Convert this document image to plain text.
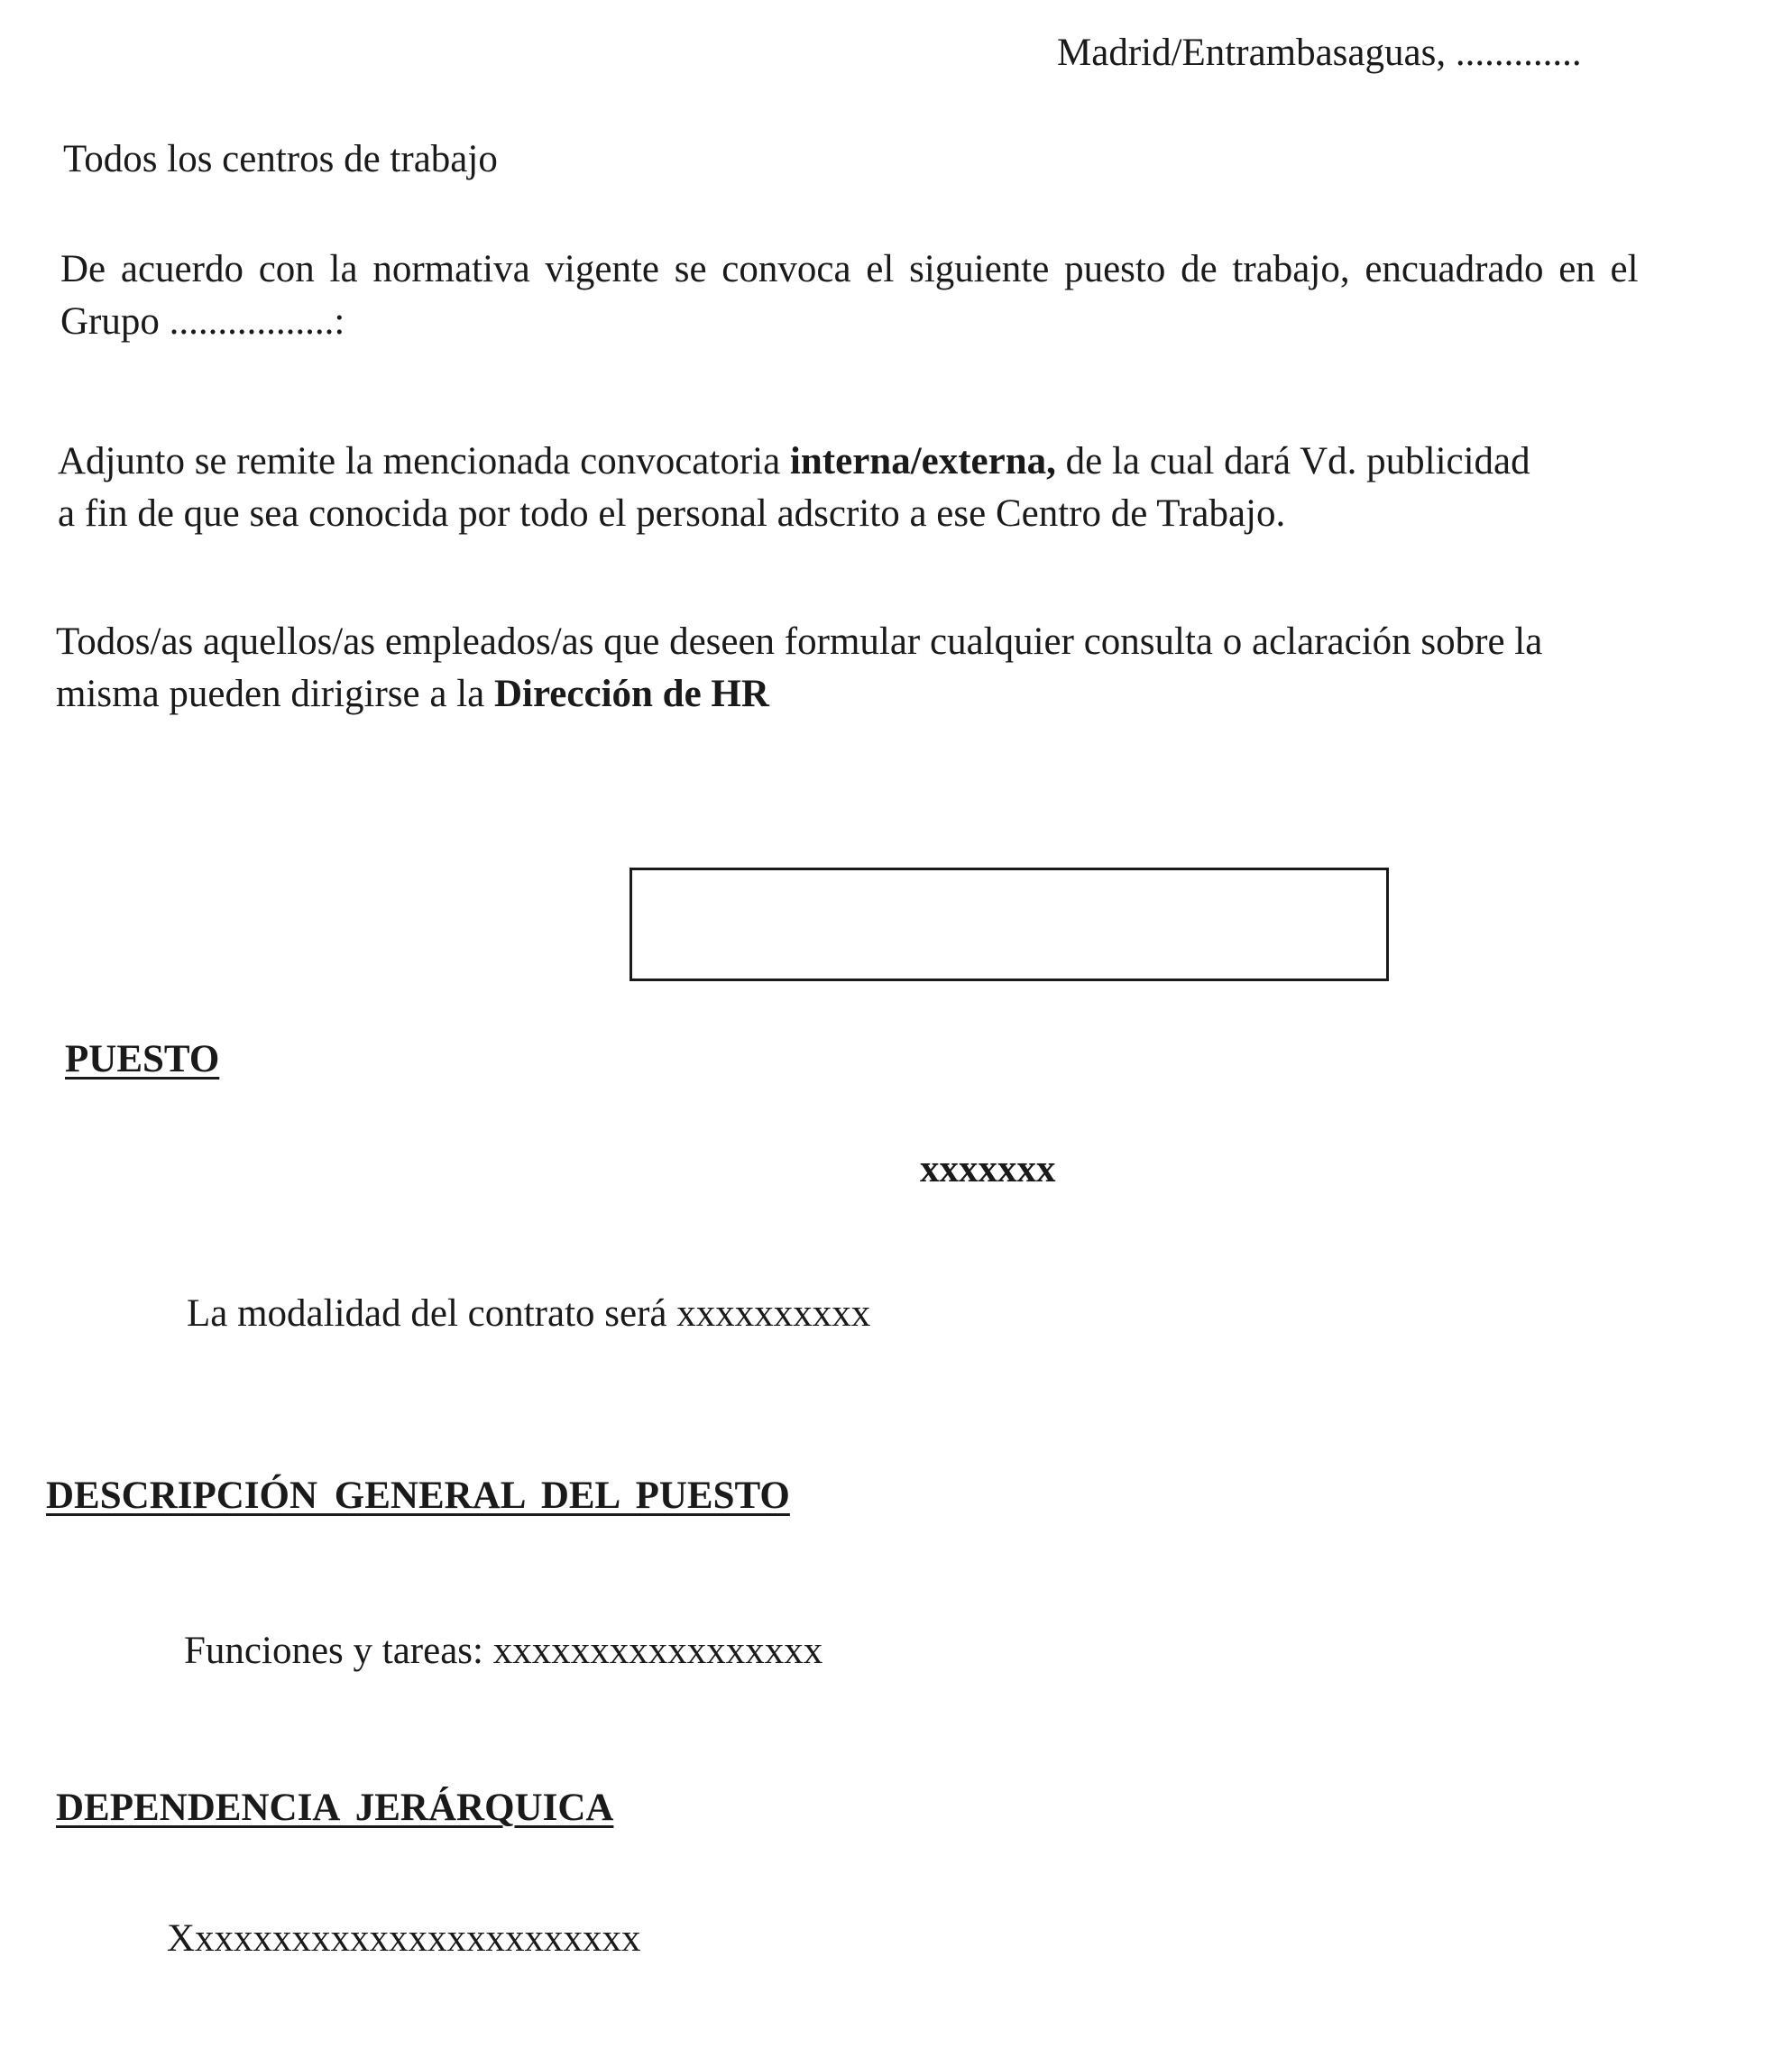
Madrid/Entrambasaguas, .............
Todos los centros de trabajo
De acuerdo con la normativa vigente se convoca el siguiente puesto de trabajo, encuadrado en el
Grupo .................:
Adjunto se remite la mencionada convocatoria interna/externa, de la cual dará Vd. publicidad
a fin de que sea conocida por todo el personal adscrito a ese Centro de Trabajo.
Todos/as aquellos/as empleados/as que deseen formular cualquier consulta o aclaración sobre la
misma pueden dirigirse a la Dirección de HR
PUESTO
xxxxxxx
La modalidad del contrato será xxxxxxxxxx
DESCRIPCIÓN GENERAL DEL PUESTO
Funciones y tareas: xxxxxxxxxxxxxxxxx
DEPENDENCIA JERÁRQUICA
Xxxxxxxxxxxxxxxxxxxxxxxx
